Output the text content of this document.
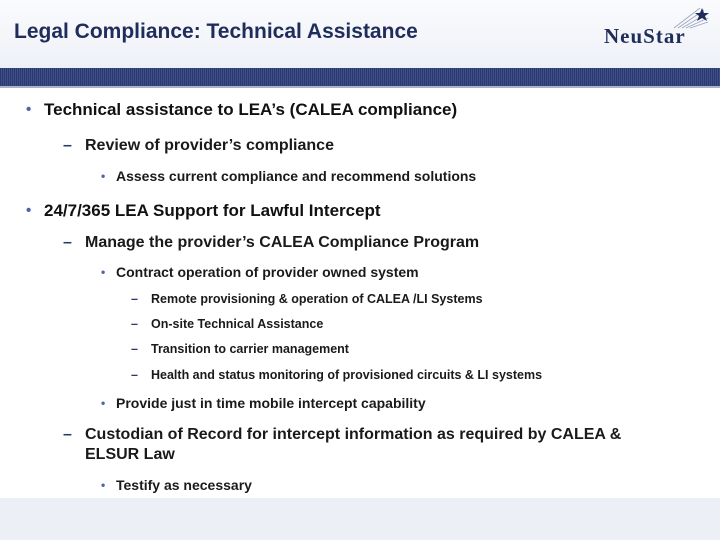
Legal Compliance: Technical Assistance	NeuStar
• Technical assistance to LEA’s (CALEA compliance)
– Review of provider’s compliance
• Assess current compliance and recommend solutions
• 24/7/365 LEA Support for Lawful Intercept
– Manage the provider’s CALEA Compliance Program
• Contract operation of provider owned system
– Remote provisioning & operation of CALEA /LI Systems
– On-site Technical Assistance
– Transition to carrier management
– Health and status monitoring of provisioned circuits & LI systems
• Provide just in time mobile intercept capability
– Custodian of Record for intercept information as required by CALEA &
ELSUR Law
• Testify as necessary
